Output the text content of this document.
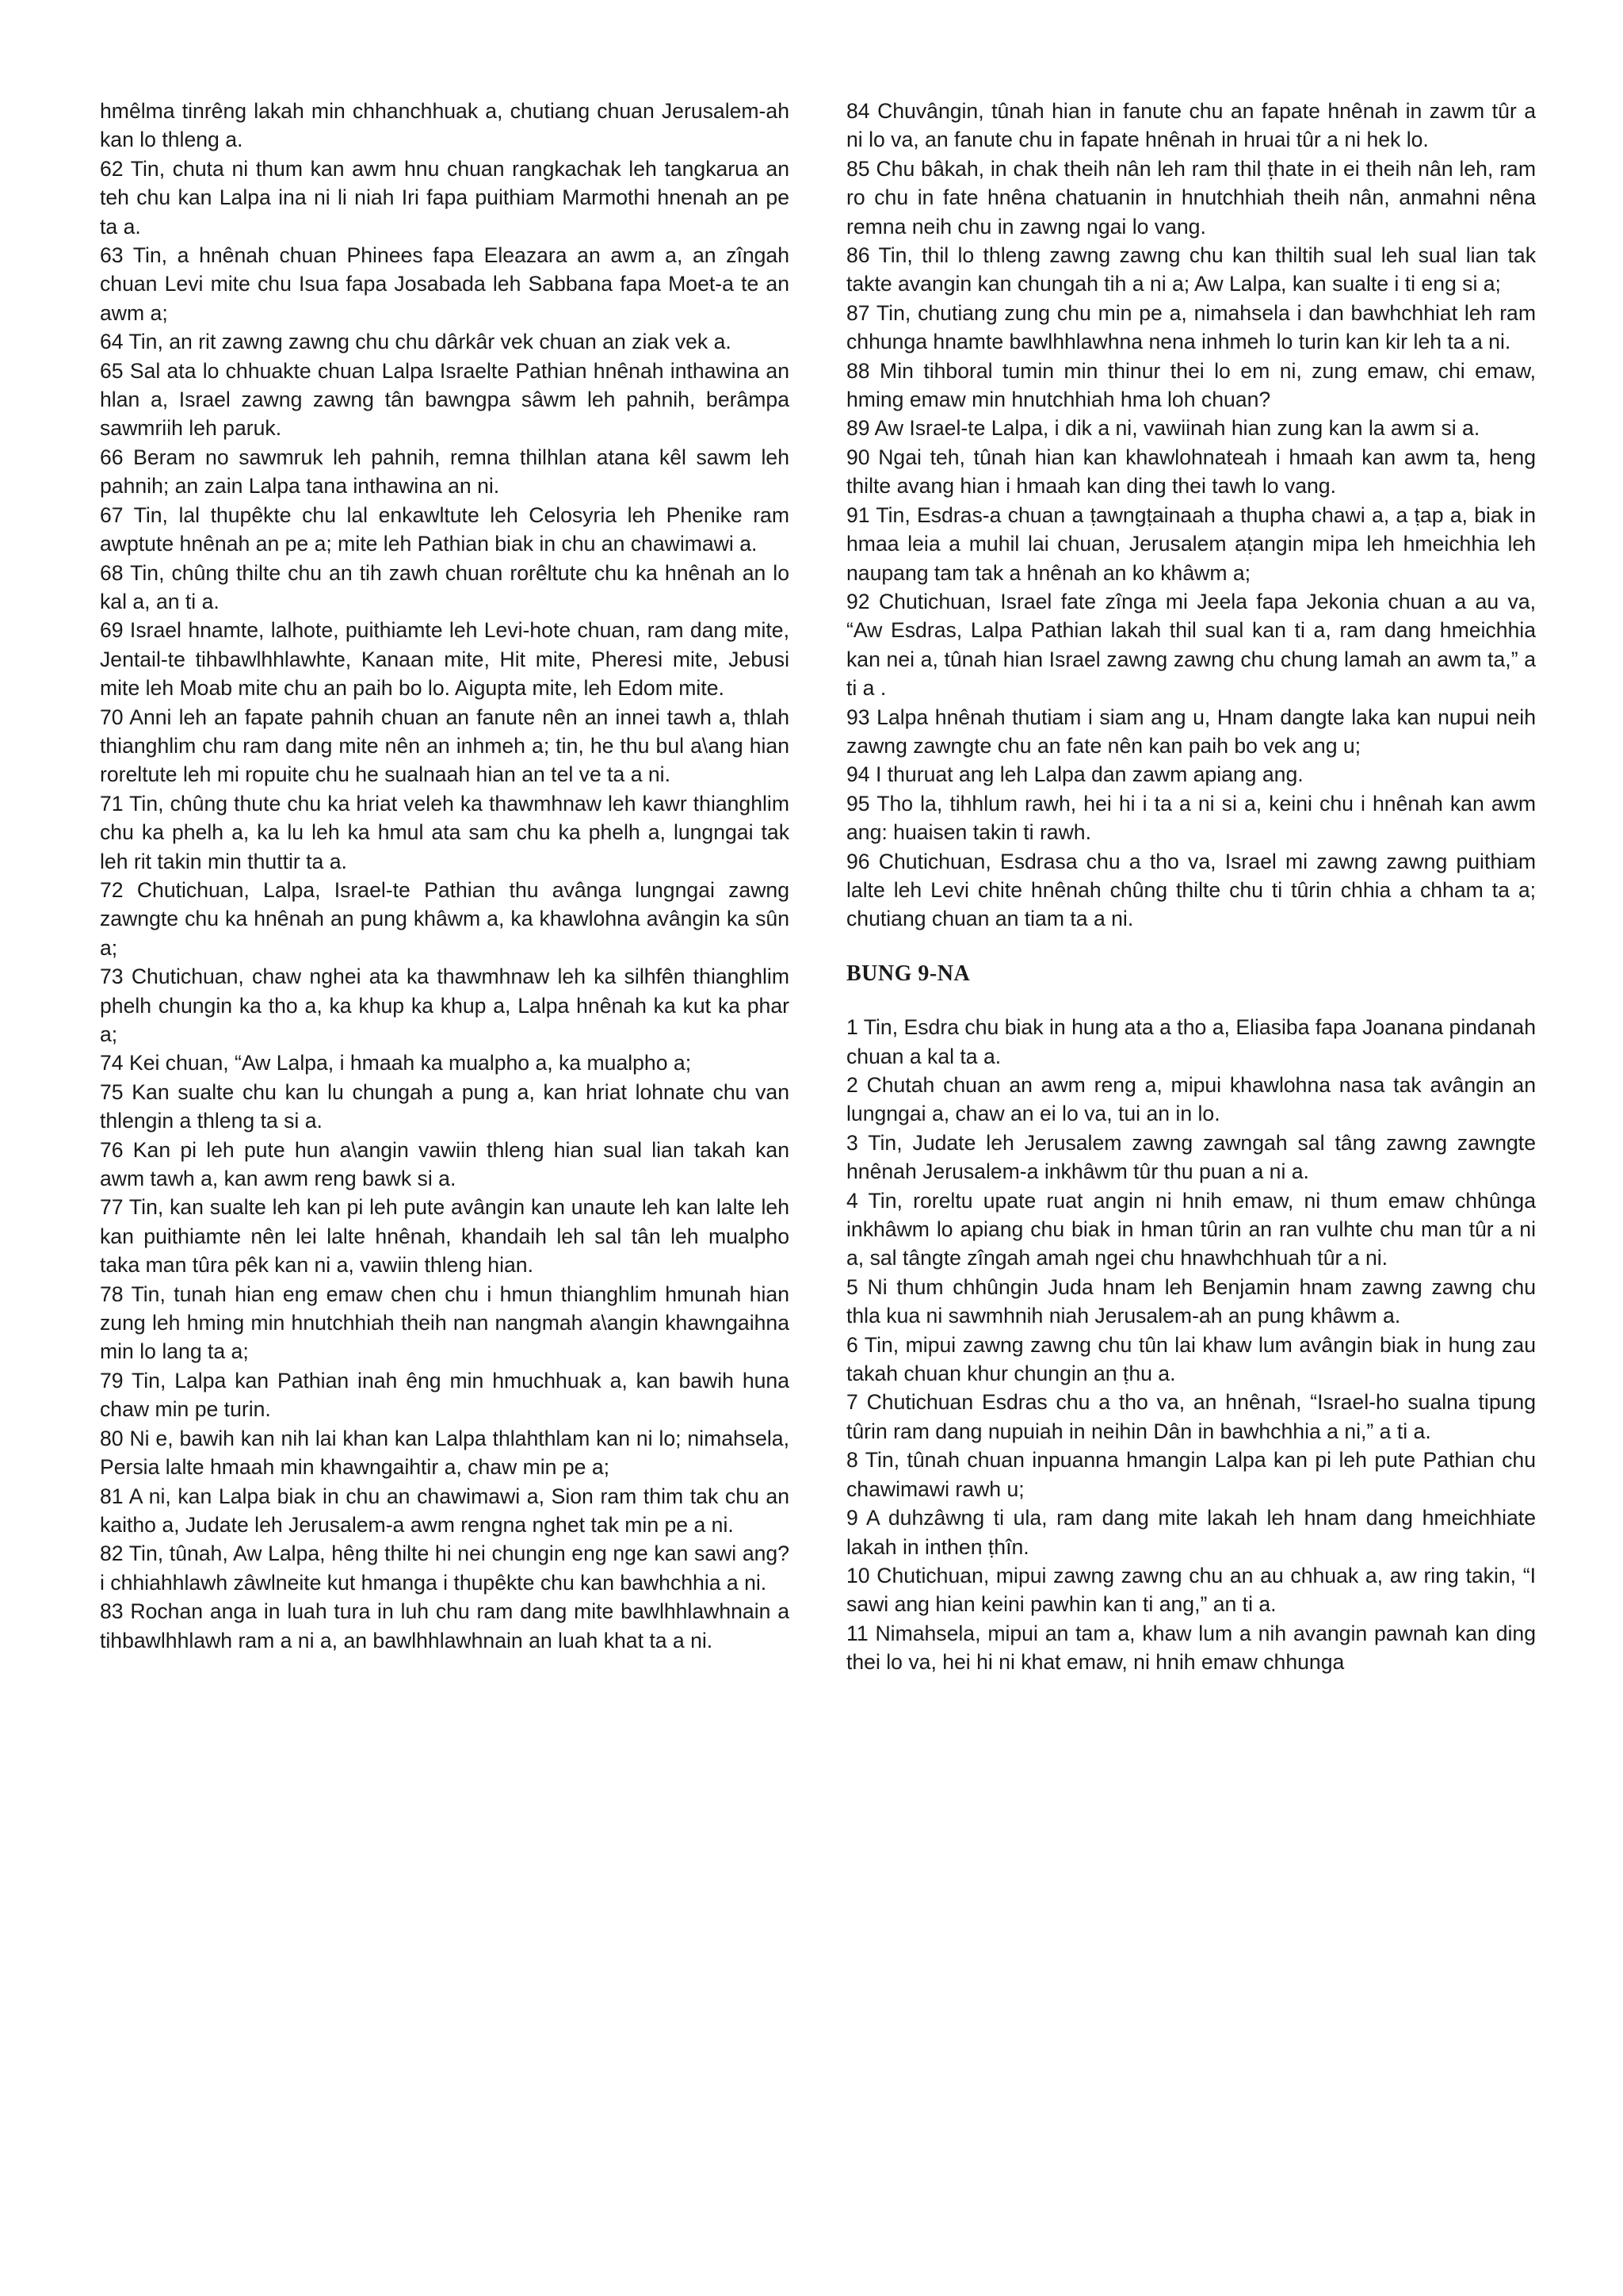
hmêlma tinrêng lakah min chhanchhuak a, chutiang chuan Jerusalem-ah kan lo thleng a.

62 Tin, chuta ni thum kan awm hnu chuan rangkachak leh tangkarua an teh chu kan Lalpa ina ni li niah Iri fapa puithiam Marmothi hnenah an pe ta a.

63 Tin, a hnênah chuan Phinees fapa Eleazara an awm a, an zîngah chuan Levi mite chu Isua fapa Josabada leh Sabbana fapa Moet-a te an awm a;

64 Tin, an rit zawng zawng chu chu dârkâr vek chuan an ziak vek a.

65 Sal ata lo chhuakte chuan Lalpa Israelte Pathian hnênah inthawina an hlan a, Israel zawng zawng tân bawngpa sâwm leh pahnih, berâmpa sawmriih leh paruk.

66 Beram no sawmruk leh pahnih, remna thilhlan atana kêl sawm leh pahnih; an zain Lalpa tana inthawina an ni.

67 Tin, lal thupêkte chu lal enkawltute leh Celosyria leh Phenike ram awptute hnênah an pe a; mite leh Pathian biak in chu an chawimawi a.

68 Tin, chûng thilte chu an tih zawh chuan rorêltute chu ka hnênah an lo kal a, an ti a.

69 Israel hnamte, lalhote, puithiamte leh Levi-hote chuan, ram dang mite, Jentail-te tihbawlhhlawhte, Kanaan mite, Hit mite, Pheresi mite, Jebusi mite leh Moab mite chu an paih bo lo. Aigupta mite, leh Edom mite.

70 Anni leh an fapate pahnih chuan an fanute nên an innei tawh a, thlah thianghlim chu ram dang mite nên an inhmeh a; tin, he thu bul a\ang hian roreltute leh mi ropuite chu he sualnaah hian an tel ve ta a ni.

71 Tin, chûng thute chu ka hriat veleh ka thawmhnaw leh kawr thianghlim chu ka phelh a, ka lu leh ka hmul ata sam chu ka phelh a, lungngai tak leh rit takin min thuttir ta a.

72 Chutichuan, Lalpa, Israel-te Pathian thu avânga lungngai zawng zawngte chu ka hnênah an pung khâwm a, ka khawlohna avângin ka sûn a;

73 Chutichuan, chaw nghei ata ka thawmhnaw leh ka silhfên thianghlim phelh chungin ka tho a, ka khup ka khup a, Lalpa hnênah ka kut ka phar a;

74 Kei chuan, “Aw Lalpa, i hmaah ka mualpho a, ka mualpho a;

75 Kan sualte chu kan lu chungah a pung a, kan hriat lohnate chu van thlengin a thleng ta si a.

76 Kan pi leh pute hun a\angin vawiin thleng hian sual lian takah kan awm tawh a, kan awm reng bawk si a.

77 Tin, kan sualte leh kan pi leh pute avângin kan unaute leh kan lalte leh kan puithiamte nên lei lalte hnênah, khandaih leh sal tân leh mualpho taka man tûra pêk kan ni a, vawiin thleng hian.

78 Tin, tunah hian eng emaw chen chu i hmun thianghlim hmunah hian zung leh hming min hnutchhiah theih nan nangmah a\angin khawngaihna min lo lang ta a;

79 Tin, Lalpa kan Pathian inah êng min hmuchhuak a, kan bawih huna chaw min pe turin.

80 Ni e, bawih kan nih lai khan kan Lalpa thlahthlam kan ni lo; nimahsela, Persia lalte hmaah min khawngaihtir a, chaw min pe a;

81 A ni, kan Lalpa biak in chu an chawimawi a, Sion ram thim tak chu an kaitho a, Judate leh Jerusalem-a awm rengna nghet tak min pe a ni.

82 Tin, tûnah, Aw Lalpa, hêng thilte hi nei chungin eng nge kan sawi ang? i chhiahhlawh zâwlneite kut hmanga i thupêkte chu kan bawhchhia a ni.

83 Rochan anga in luah tura in luh chu ram dang mite bawlhhlawhnain a tihbawlhhlawh ram a ni a, an bawlhhlawhnain an luah khat ta a ni.

84 Chuvângin, tûnah hian in fanute chu an fapate hnênah in zawm tûr a ni lo va, an fanute chu in fapate hnênah in hruai tûr a ni hek lo.

85 Chu bâkah, in chak theih nân leh ram thil ṭhate in ei theih nân leh, ram ro chu in fate hnêna chatuanin in hnutchhiah theih nân, anmahni nêna remna neih chu in zawng ngai lo vang.

86 Tin, thil lo thleng zawng zawng chu kan thiltih sual leh sual lian tak takte avangin kan chungah tih a ni a; Aw Lalpa, kan sualte i ti eng si a;

87 Tin, chutiang zung chu min pe a, nimahsela i dan bawhchhiat leh ram chhunga hnamte bawlhhlawhna nena inhmeh lo turin kan kir leh ta a ni.

88 Min tihboral tumin min thinur thei lo em ni, zung emaw, chi emaw, hming emaw min hnutchhiah hma loh chuan?

89 Aw Israel-te Lalpa, i dik a ni, vawiinah hian zung kan la awm si a.

90 Ngai teh, tûnah hian kan khawlohnateah i hmaah kan awm ta, heng thilte avang hian i hmaah kan ding thei tawh lo vang.

91 Tin, Esdras-a chuan a ṭawngṭainaah a thupha chawi a, a ṭap a, biak in hmaa leia a muhil lai chuan, Jerusalem aṭangin mipa leh hmeichhia leh naupang tam tak a hnênah an ko khâwm a;

92 Chutichuan, Israel fate zînga mi Jeela fapa Jekonia chuan a au va, “Aw Esdras, Lalpa Pathian lakah thil sual kan ti a, ram dang hmeichhia kan nei a, tûnah hian Israel zawng zawng chu chung lamah an awm ta,” a ti a .

93 Lalpa hnênah thutiam i siam ang u, Hnam dangte laka kan nupui neih zawng zawngte chu an fate nên kan paih bo vek ang u;

94 I thuruat ang leh Lalpa dan zawm apiang ang.

95 Tho la, tihhlum rawh, hei hi i ta a ni si a, keini chu i hnênah kan awm ang: huaisen takin ti rawh.

96 Chutichuan, Esdrasa chu a tho va, Israel mi zawng zawng puithiam lalte leh Levi chite hnênah chûng thilte chu ti tûrin chhia a chham ta a; chutiang chuan an tiam ta a ni.

BUNG 9-NA

1 Tin, Esdra chu biak in hung ata a tho a, Eliasiba fapa Joanana pindanah chuan a kal ta a.

2 Chutah chuan an awm reng a, mipui khawlohna nasa tak avângin an lungngai a, chaw an ei lo va, tui an in lo.

3 Tin, Judate leh Jerusalem zawng zawngah sal tâng zawng zawngte hnênah Jerusalem-a inkhâwm tûr thu puan a ni a.

4 Tin, roreltu upate ruat angin ni hnih emaw, ni thum emaw chhûnga inkhâwm lo apiang chu biak in hman tûrin an ran vulhte chu man tûr a ni a, sal tângte zîngah amah ngei chu hnawhchhuah tûr a ni.

5 Ni thum chhûngin Juda hnam leh Benjamin hnam zawng zawng chu thla kua ni sawmhnih niah Jerusalem-ah an pung khâwm a.

6 Tin, mipui zawng zawng chu tûn lai khaw lum avângin biak in hung zau takah chuan khur chungin an ṭhu a.

7 Chutichuan Esdras chu a tho va, an hnênah, “Israel-ho sualna tipung tûrin ram dang nupuiah in neihin Dân in bawhchhia a ni,” a ti a.

8 Tin, tûnah chuan inpuanna hmangin Lalpa kan pi leh pute Pathian chu chawimawi rawh u;

9 A duhzâwng ti ula, ram dang mite lakah leh hnam dang hmeichhiate lakah in inthen ṭhîn.

10 Chutichuan, mipui zawng zawng chu an au chhuak a, aw ring takin, “I sawi ang hian keini pawhin kan ti ang,” an ti a.

11 Nimahsela, mipui an tam a, khaw lum a nih avangin pawnah kan ding thei lo va, hei hi ni khat emaw, ni hnih emaw chhunga
